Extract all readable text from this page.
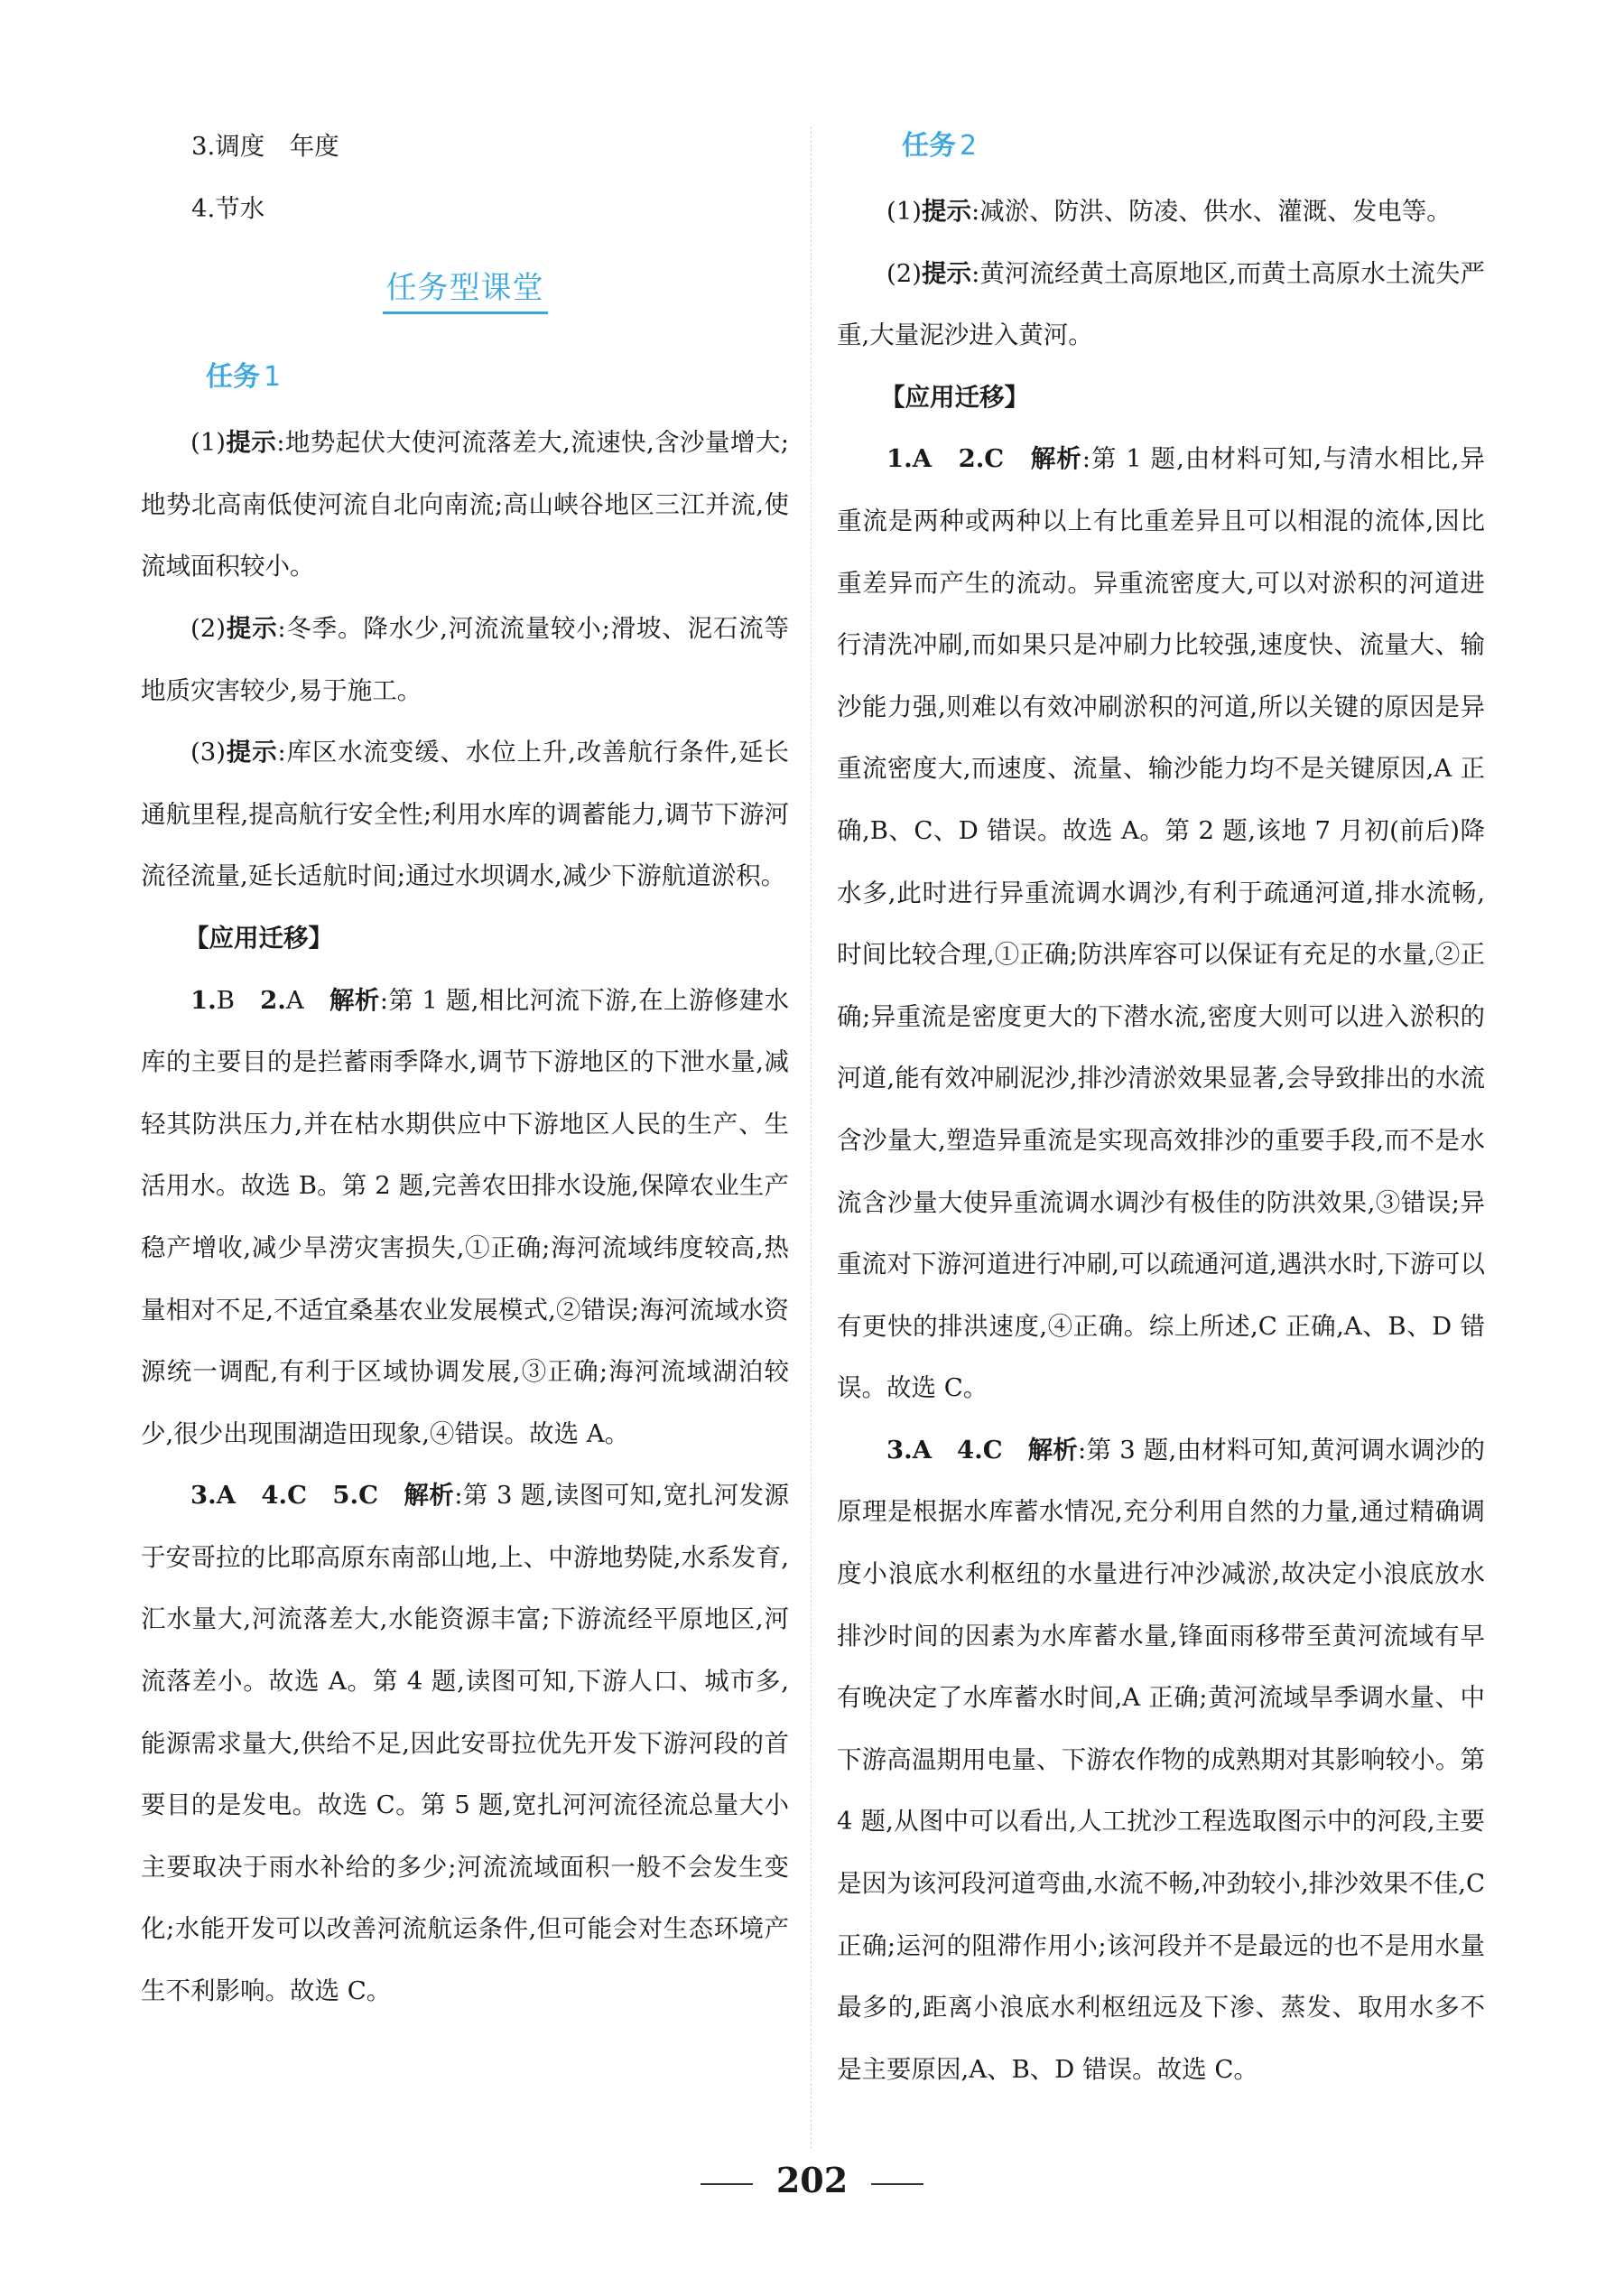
3.调度　年度
4.节水
任务型课堂
任务 1

(1)提示:地势起伏大使河流落差大,流速快,含沙量增大;地势北高南低使河流自北向南流;高山峡谷地区三江并流,使流域面积较小。

(2)提示:冬季。降水少,河流流量较小;滑坡、泥石流等地质灾害较少,易于施工。

(3)提示:库区水流变缓、水位上升,改善航行条件,延长通航里程,提高航行安全性;利用水库的调蓄能力,调节下游河流径流量,延长适航时间;通过水坝调水,减少下游航道淤积。

【应用迁移】

1.B　 2.A　 解析:第 1 题,相比河流下游,在上游修建水库的主要目的是拦蓄雨季降水,调节下游地区的下泄水量,减轻其防洪压力,并在枯水期供应中下游地区人民的生产、生活用水。故选 B。第 2 题,完善农田排水设施,保障农业生产稳产增收,减少旱涝灾害损失,①正确;海河流域纬度较高,热量相对不足,不适宜桑基农业发展模式,②错误;海河流域水资源统一调配,有利于区域协调发展,③正确;海河流域湖泊较少,很少出现围湖造田现象,④错误。故选 A。

3.A　4.C　5.C　 解析:第 3 题,读图可知,宽扎河发源于安哥拉的比耶高原东南部山地,上、中游地势陡,水系发育,汇水量大,河流落差大,水能资源丰富;下游流经平原地区,河流落差小。故选 A。第 4 题,读图可知,下游人口、城市多,能源需求量大,供给不足,因此安哥拉优先开发下游河段的首要目的是发电。故选 C。第 5 题,宽扎河河流径流总量大小主要取决于雨水补给的多少;河流流域面积一般不会发生变化;水能开发可以改善河流航运条件,但可能会对生态环境产生不利影响。故选 C。

任务 2

(1)提示:减淤、防洪、防凌、供水、灌溉、发电等。

(2)提示:黄河流经黄土高原地区,而黄土高原水土流失严重,大量泥沙进入黄河。

【应用迁移】

1.A　2.C　 解析:第 1 题,由材料可知,与清水相比,异重流是两种或两种以上有比重差异且可以相混的流体,因比重差异而产生的流动。异重流密度大,可以对淤积的河道进行清洗冲刷,而如果只是冲刷力比较强,速度快、流量大、输沙能力强,则难以有效冲刷淤积的河道,所以关键的原因是异重流密度大,而速度、流量、输沙能力均不是关键原因,A 正确,B、C、D 错误。故选 A。第 2 题,该地 7 月初(前后)降水多,此时进行异重流调水调沙,有利于疏通河道,排水流畅,时间比较合理,①正确;防洪库容可以保证有充足的水量,②正确;异重流是密度更大的下潜水流,密度大则可以进入淤积的河道,能有效冲刷泥沙,排沙清淤效果显著,会导致排出的水流含沙量大,塑造异重流是实现高效排沙的重要手段,而不是水流含沙量大使异重流调水调沙有极佳的防洪效果,③错误;异重流对下游河道进行冲刷,可以疏通河道,遇洪水时,下游可以有更快的排洪速度,④正确。综上所述,C 正确,A、B、D 错误。故选 C。

3.A　4.C　 解析:第 3 题,由材料可知,黄河调水调沙的原理是根据水库蓄水情况,充分利用自然的力量,通过精确调度小浪底水利枢纽的水量进行冲沙减淤,故决定小浪底放水排沙时间的因素为水库蓄水量,锋面雨移带至黄河流域有早有晚决定了水库蓄水时间,A 正确;黄河流域旱季调水量、中下游高温期用电量、下游农作物的成熟期对其影响较小。第 4 题,从图中可以看出,人工扰沙工程选取图示中的河段,主要是因为该河段河道弯曲,水流不畅,冲劲较小,排沙效果不佳,C 正确;运河的阻滞作用小;该河段并不是最远的也不是用水量最多的,距离小浪底水利枢纽远及下渗、蒸发、取用水多不是主要原因,A、B、D 错误。故选 C。

202
